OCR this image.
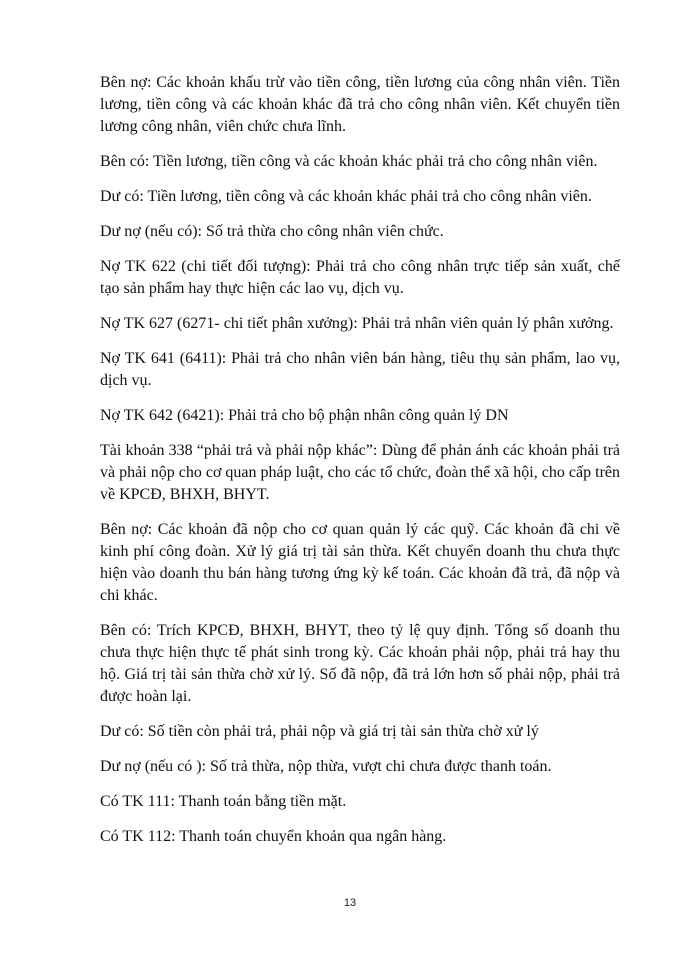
Bên nợ: Các khoản khấu trừ vào tiền công, tiền lương của công nhân viên. Tiền lương, tiền công và các khoản khác đã trả cho công nhân viên. Kết chuyển tiền lương công nhân, viên chức chưa lĩnh.

Bên có: Tiền lương, tiền công và các khoản khác phải trả cho công nhân viên.

Dư có: Tiền lương, tiền công và các khoản khác phải trả cho công nhân viên.

Dư nợ (nếu có): Số trả thừa cho công nhân viên chức.

Nợ TK 622 (chi tiết đối tượng): Phải trả cho công nhân trực tiếp sản xuất, chế tạo sản phẩm hay thực hiện các lao vụ, dịch vụ.

Nợ TK 627 (6271- chi tiết phân xưởng): Phải trả nhân viên quản lý phân xưởng.

Nợ TK 641 (6411): Phải trả cho nhân viên bán hàng, tiêu thụ sản phẩm, lao vụ, dịch vụ.

Nợ TK 642 (6421): Phải trả cho bộ phận nhân công quản lý DN

Tài khoản 338 “phải trả và phải nộp khác”: Dùng để phản ánh các khoản phải trả và phải nộp cho cơ quan pháp luật, cho các tổ chức, đoàn thể xã hội, cho cấp trên về KPCĐ, BHXH, BHYT.

Bên nợ: Các khoản đã nộp cho cơ quan quản lý các quỹ. Các khoản đã chi về kinh phí công đoàn. Xử lý giá trị tài sản thừa. Kết chuyển doanh thu chưa thực hiện vào doanh thu bán hàng tương ứng kỳ kế toán. Các khoản đã trả, đã nộp và chi khác.

Bên có: Trích KPCĐ, BHXH, BHYT, theo tỷ lệ quy định. Tổng số doanh thu chưa thực hiện thực tế phát sinh trong kỳ. Các khoản phải nộp, phải trả hay thu hộ. Giá trị tài sản thừa chờ xử lý. Số đã nộp, đã trả lớn hơn số phải nộp, phải trả được hoàn lại.

Dư có: Số tiền còn phải trả, phải nộp và giá trị tài sản thừa chờ xử lý

Dư nợ (nếu có ): Số trả thừa, nộp thừa, vượt chi chưa được thanh toán.

Có TK 111: Thanh toán bằng tiền mặt.

Có TK 112: Thanh toán chuyển khoản qua ngân hàng.

13
